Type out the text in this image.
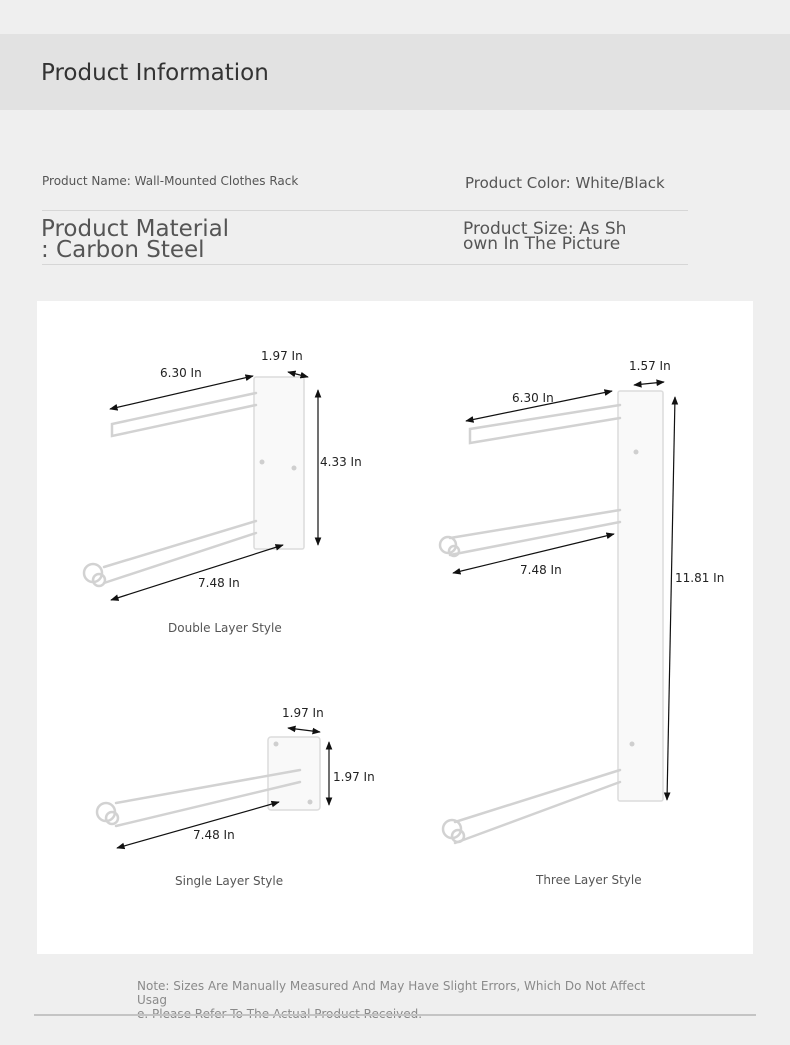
Product Information
Product Name: Wall-Mounted Clothes Rack	Product Color: White/Black
Product Material
: Carbon Steel
Product Size: As Sh
own In The Picture
1.97 In
6.30 In
4.33 In
7.48 In
Double Layer Style
1.97 In
1.97 In
7.48 In
Single Layer Style
1.57 In
6.30 In
7.48 In
11.81 In
Three Layer Style
Note: Sizes Are Manually Measured And May Have Slight Errors, Which Do Not Affect Usag
